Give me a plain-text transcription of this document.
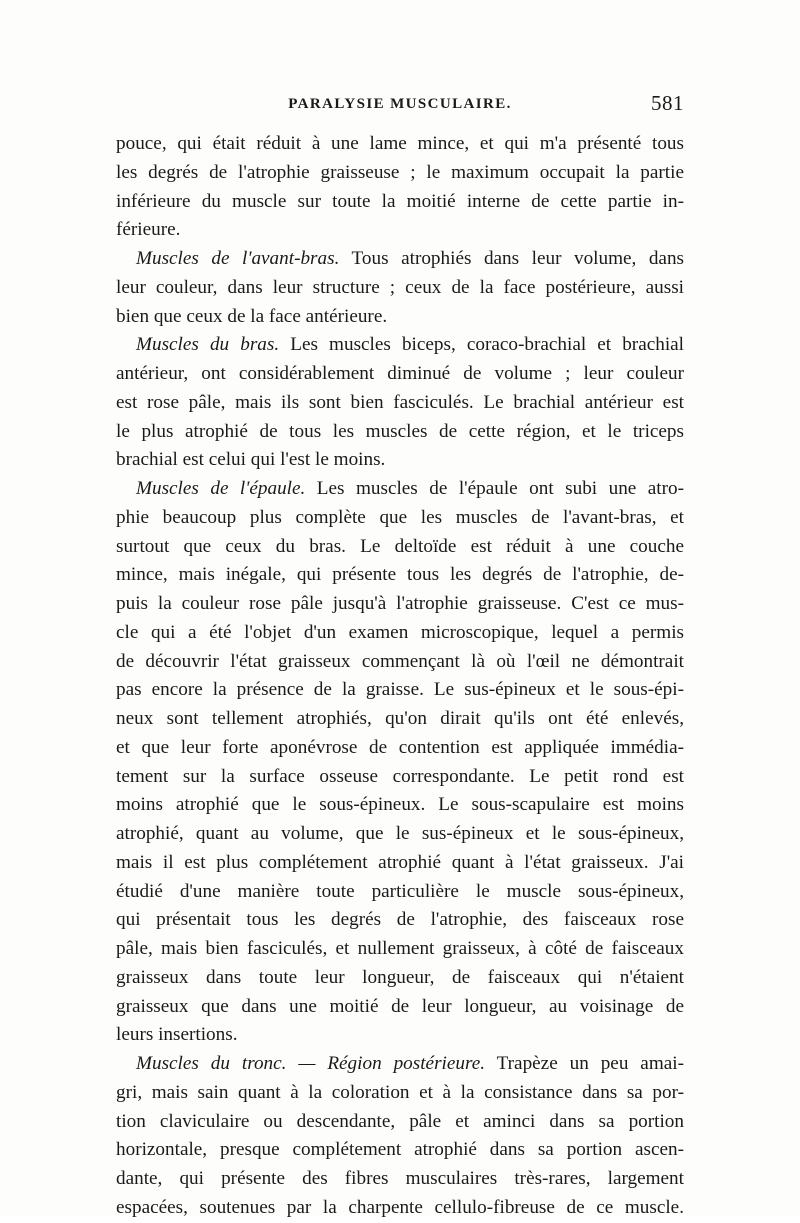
PARALYSIE MUSCULAIRE.	581
pouce, qui était réduit à une lame mince, et qui m'a présenté tous
les degrés de l'atrophie graisseuse ; le maximum occupait la partie
inférieure du muscle sur toute la moitié interne de cette partie in-
férieure.
Muscles de l'avant-bras. Tous atrophiés dans leur volume, dans
leur couleur, dans leur structure ; ceux de la face postérieure, aussi
bien que ceux de la face antérieure.
Muscles du bras. Les muscles biceps, coraco-brachial et brachial
antérieur, ont considérablement diminué de volume ; leur couleur
est rose pâle, mais ils sont bien fasciculés. Le brachial antérieur est
le plus atrophié de tous les muscles de cette région, et le triceps
brachial est celui qui l'est le moins.
Muscles de l'épaule. Les muscles de l'épaule ont subi une atro-
phie beaucoup plus complète que les muscles de l'avant-bras, et
surtout que ceux du bras. Le deltoïde est réduit à une couche
mince, mais inégale, qui présente tous les degrés de l'atrophie, de-
puis la couleur rose pâle jusqu'à l'atrophie graisseuse. C'est ce mus-
cle qui a été l'objet d'un examen microscopique, lequel a permis
de découvrir l'état graisseux commençant là où l'œil ne démontrait
pas encore la présence de la graisse. Le sus-épineux et le sous-épi-
neux sont tellement atrophiés, qu'on dirait qu'ils ont été enlevés,
et que leur forte aponévrose de contention est appliquée immédia-
tement sur la surface osseuse correspondante. Le petit rond est
moins atrophié que le sous-épineux. Le sous-scapulaire est moins
atrophié, quant au volume, que le sus-épineux et le sous-épineux,
mais il est plus complétement atrophié quant à l'état graisseux. J'ai
étudié d'une manière toute particulière le muscle sous-épineux,
qui présentait tous les degrés de l'atrophie, des faisceaux rose
pâle, mais bien fasciculés, et nullement graisseux, à côté de faisceaux
graisseux dans toute leur longueur, de faisceaux qui n'étaient
graisseux que dans une moitié de leur longueur, au voisinage de
leurs insertions.
Muscles du tronc. — Région postérieure. Trapèze un peu amai-
gri, mais sain quant à la coloration et à la consistance dans sa por-
tion claviculaire ou descendante, pâle et aminci dans sa portion
horizontale, presque complétement atrophié dans sa portion ascen-
dante, qui présente des fibres musculaires très-rares, largement
espacées, soutenues par la charpente cellulo-fibreuse de ce muscle.
